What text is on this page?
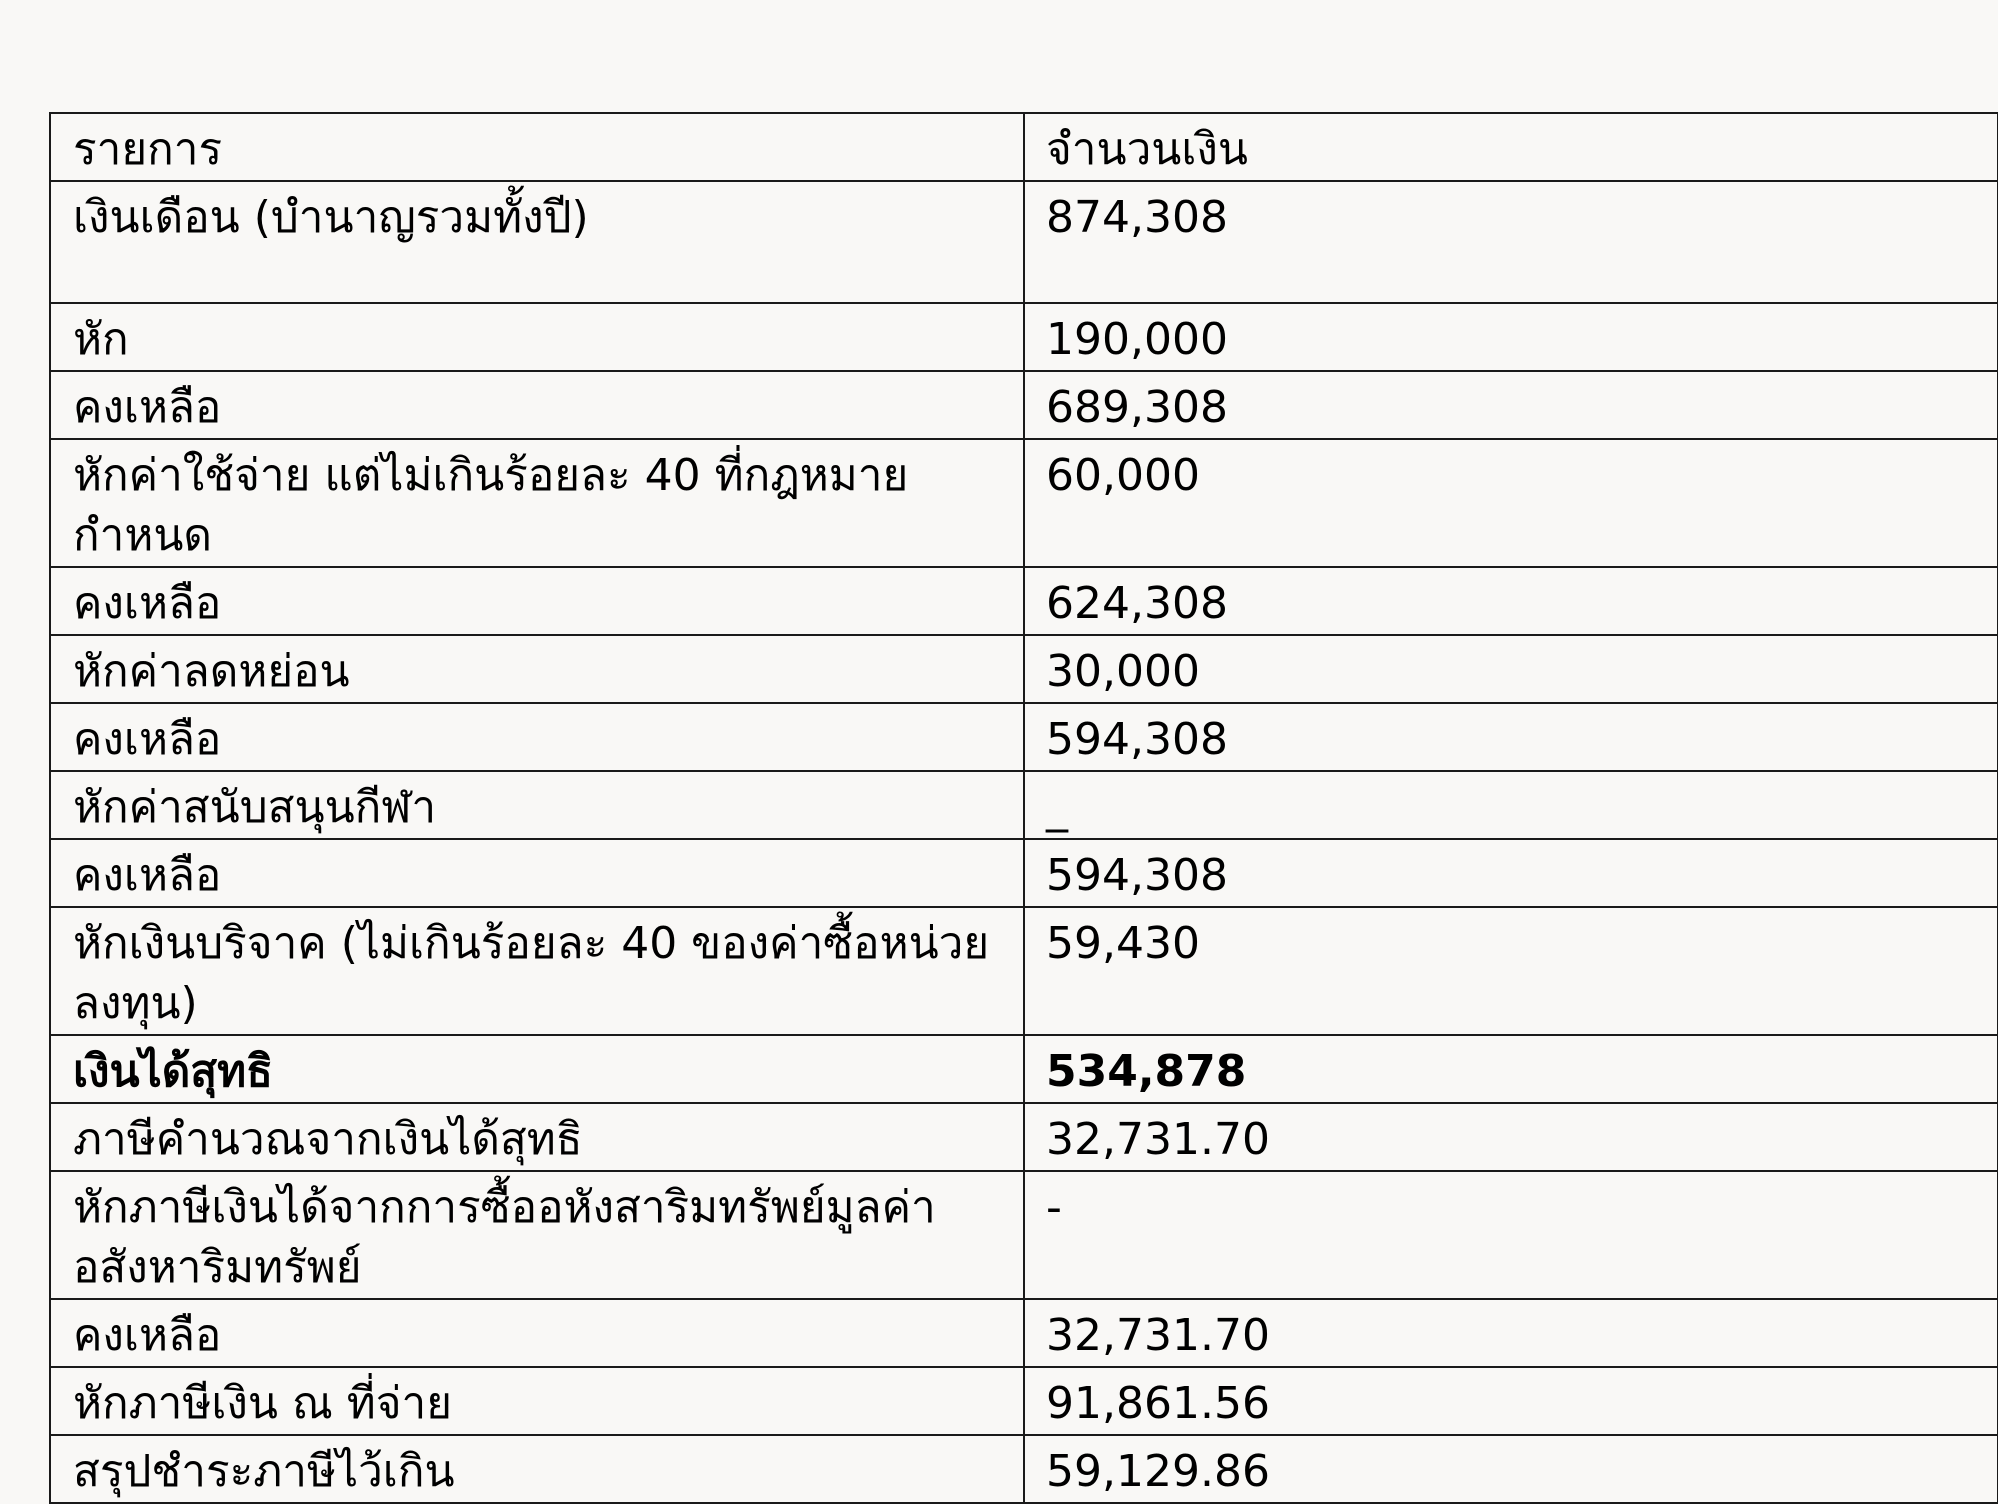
รายการ	จำนวนเงิน
เงินเดือน (บำนาญรวมทั้งปี)	874,308
หัก	190,000
คงเหลือ	689,308
หักค่าใช้จ่าย แต่ไม่เกินร้อยละ 40 ที่กฎหมายกำหนด	60,000
คงเหลือ	624,308
หักค่าลดหย่อน	30,000
คงเหลือ	594,308
หักค่าสนับสนุนกีฬา	_
คงเหลือ	594,308
หักเงินบริจาค (ไม่เกินร้อยละ 40 ของค่าซื้อหน่วยลงทุน)	59,430
เงินได้สุทธิ	534,878
ภาษีคำนวณจากเงินได้สุทธิ	32,731.70
หักภาษีเงินได้จากการซื้ออหังสาริมทรัพย์มูลค่าอสังหาริมทรัพย์	-
คงเหลือ	32,731.70
หักภาษีเงิน ณ ที่จ่าย	91,861.56
สรุปชำระภาษีไว้เกิน	59,129.86
